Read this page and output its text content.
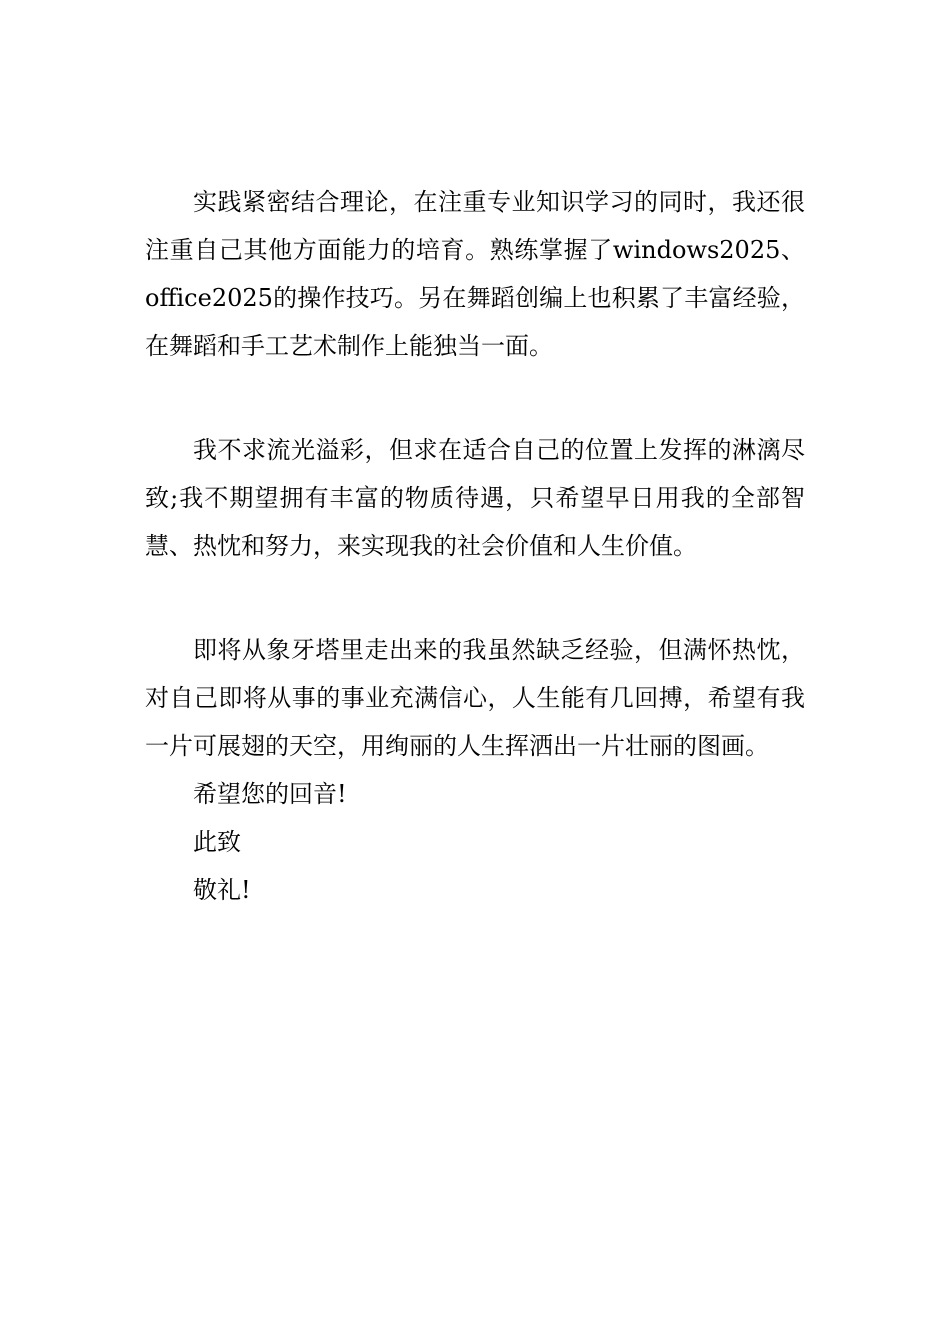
实践紧密结合理论，在注重专业知识学习的同时，我还很注重自己其他方面能力的培育。熟练掌握了windows2025、office2025的操作技巧。另在舞蹈创编上也积累了丰富经验，在舞蹈和手工艺术制作上能独当一面。

我不求流光溢彩，但求在适合自己的位置上发挥的淋漓尽致;我不期望拥有丰富的物质待遇，只希望早日用我的全部智慧、热忱和努力，来实现我的社会价值和人生价值。

即将从象牙塔里走出来的我虽然缺乏经验，但满怀热忱，对自己即将从事的事业充满信心，人生能有几回搏，希望有我一片可展翅的天空，用绚丽的人生挥洒出一片壮丽的图画。

希望您的回音!

此致

敬礼!
